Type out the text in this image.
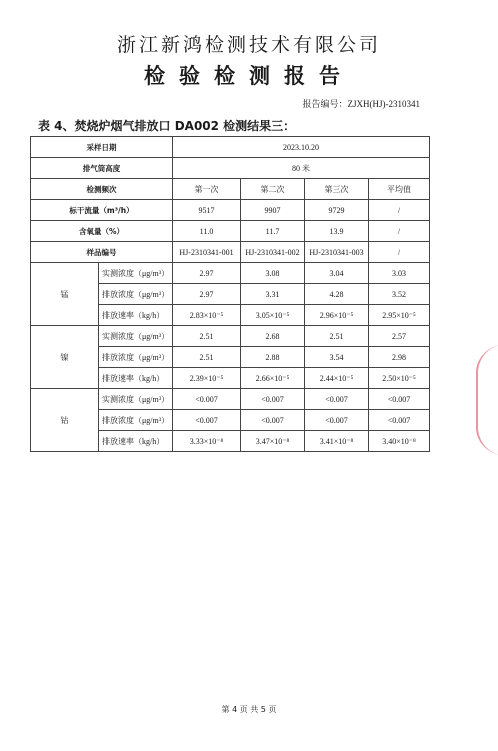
浙江新鸿检测技术有限公司
检验检测报告
报告编号：ZJXH(HJ)-2310341
表 4、焚烧炉烟气排放口 DA002 检测结果三：
采样日期		2023.10.20			
排气筒高度		80 米			
检测频次		第一次	第二次	第三次	平均值
标干流量（m³/h）		9517	9907	9729	/
含氧量（%）		11.0	11.7	13.9	/
样品编号		HJ-2310341-001	HJ-2310341-002	HJ-2310341-003	/
锰	实测浓度（μg/m³）	2.97	3.08	3.04	3.03
	排放浓度（μg/m³）	2.97	3.31	4.28	3.52
	排放速率（kg/h）	2.83×10⁻⁵	3.05×10⁻⁵	2.96×10⁻⁵	2.95×10⁻⁵
镍	实测浓度（μg/m³）	2.51	2.68	2.51	2.57
	排放浓度（μg/m³）	2.51	2.88	3.54	2.98
	排放速率（kg/h）	2.39×10⁻⁵	2.66×10⁻⁵	2.44×10⁻⁵	2.50×10⁻⁵
钴	实测浓度（μg/m³）	<0.007	<0.007	<0.007	<0.007
	排放浓度（μg/m³）	<0.007	<0.007	<0.007	<0.007
	排放速率（kg/h）	3.33×10⁻⁸	3.47×10⁻⁸	3.41×10⁻⁸	3.40×10⁻⁸
第 4 页 共 5 页
